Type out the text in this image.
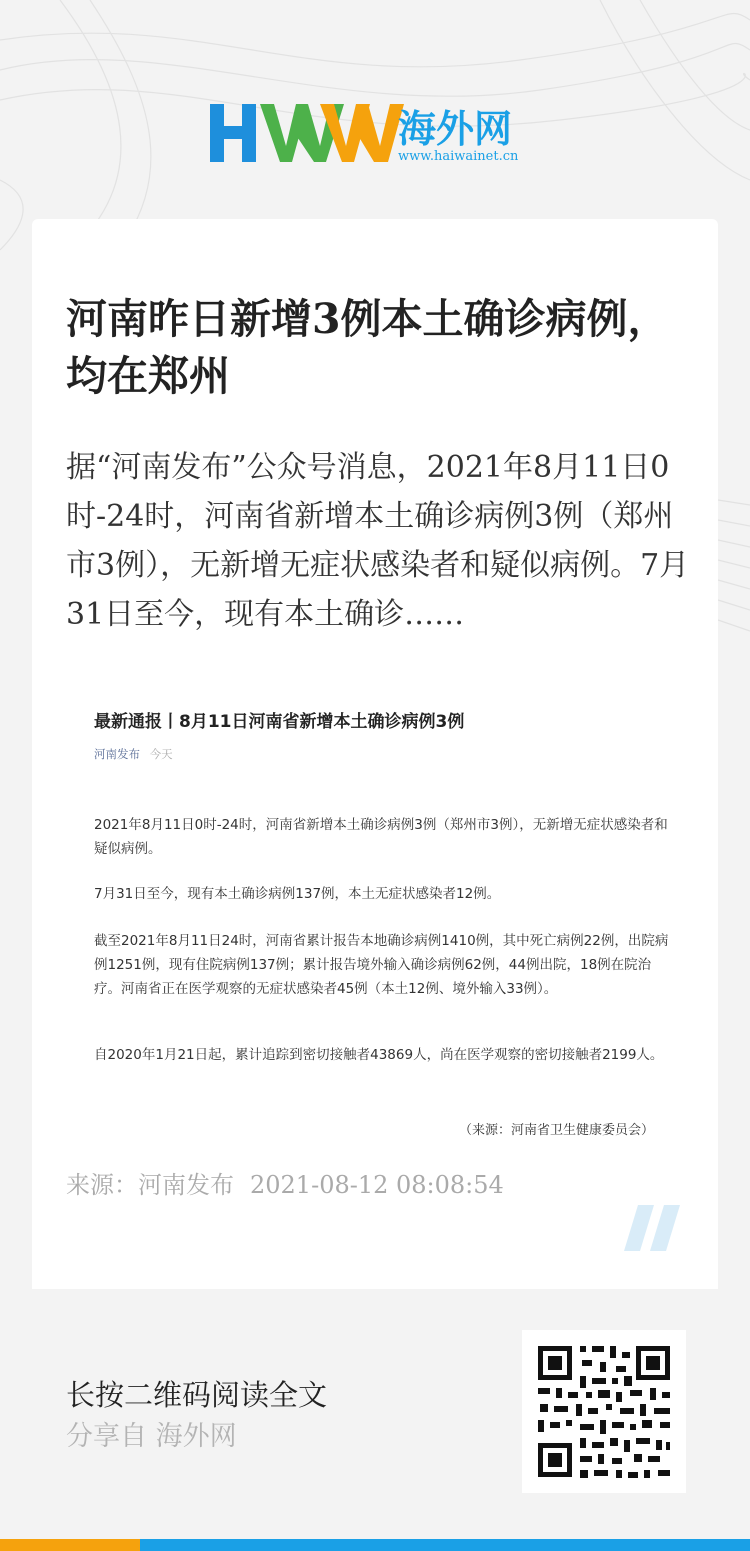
海外网
www.haiwainet.cn
河南昨日新增3例本土确诊病例，均在郑州

据“河南发布”公众号消息，2021年8月11日0时-24时，河南省新增本土确诊病例3例（郑州市3例），无新增无症状感染者和疑似病例。7月31日至今，现有本土确诊……

最新通报丨8月11日河南省新增本土确诊病例3例

河南发布 今天

2021年8月11日0时-24时，河南省新增本土确诊病例3例（郑州市3例），无新增无症状感染者和疑似病例。

7月31日至今，现有本土确诊病例137例，本土无症状感染者12例。

截至2021年8月11日24时，河南省累计报告本地确诊病例1410例，其中死亡病例22例，出院病例1251例，现有住院病例137例；累计报告境外输入确诊病例62例，44例出院，18例在院治疗。河南省正在医学观察的无症状感染者45例（本土12例、境外输入33例）。

自2020年1月21日起，累计追踪到密切接触者43869人，尚在医学观察的密切接触者2199人。

（来源：河南省卫生健康委员会）
来源：河南发布 2021-08-12 08:08:54
长按二维码阅读全文
分享自 海外网
